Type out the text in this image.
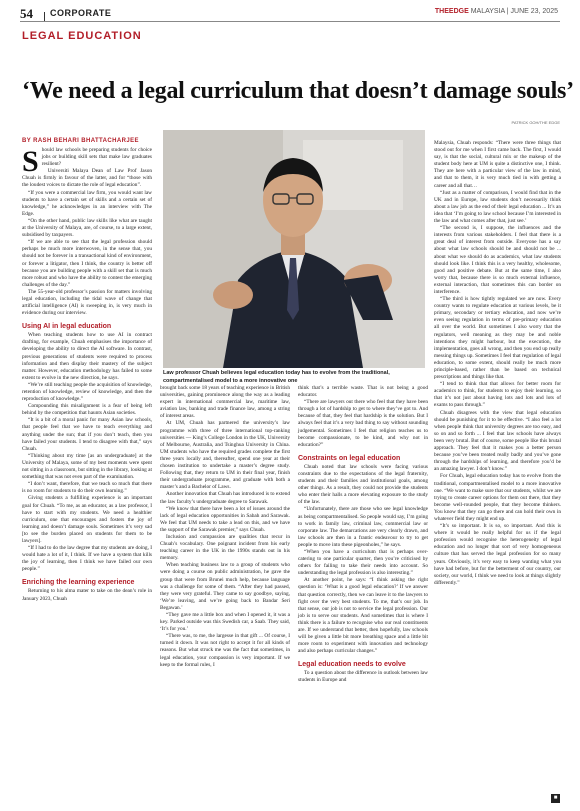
54 CORPORATE	THEEDGE MALAYSIA | JUNE 23, 2025
LEGAL EDUCATION
‘We need a legal curriculum that doesn’t damage souls’
PATRICK GOH/THE EDGE
BY RASH BEHARI BHATTACHARJEE
Law professor Chuah believes legal education today has to evolve from the traditional, compartmentalised model to a more innovative one

Should law schools be preparing students for choice jobs or building skill sets that make law graduates resilient?

Universiti Malaya Dean of Law Prof Jason Chuah is firmly in favour of the latter, and for “those with the loudest voices to dictate the role of legal education”.

“If you were a commercial law firm, you would want law students to have a certain set of skills and a certain set of knowledge,” he acknowledges in an interview with The Edge.

“On the other hand, public law skills like what are taught at the University of Malaya, are, of course, to a large extent, subsidised by taxpayers.

“If we are able to see that the legal profession should perhaps be much more interwoven, in the sense that, you should not be forever in a transactional kind of environment, or forever a litigator, then I think, the country is better off because you are building people with a skill set that is much more robust and who have the ability to contest the emerging challenges of the day.”

The 55-year-old professor’s passion for matters involving legal education, including the tidal wave of change that artificial intelligence (AI) is sweeping in, is very much in evidence during our interview.

Using AI in legal education

When teaching students how to use AI in contract drafting, for example, Chuah emphasises the importance of developing the ability to direct the AI software. In contrast, previous generations of students were required to process information and then display their mastery of the subject matter. However, education methodology has failed to some extent to evolve in the new direction, he says.

“We’re still teaching people the acquisition of knowledge, retention of knowledge, review of knowledge, and then the reproduction of knowledge.”

Compounding this misalignment is a fear of being left behind by the competition that haunts Asian societies.

“It is a bit of a moral panic for many Asian law schools, that people feel that we have to teach everything and anything under the sun; that if you don’t teach, then you have failed your students. I tend to disagree with that,” says Chuah.

“Thinking about my time [as an undergraduate] at the University of Malaya, some of my best moments were spent not sitting in a classroom, but sitting in the library, looking at something that was not even part of the examination.

“I don’t want, therefore, that we teach so much that there is no room for students to do their own learning.”

Giving students a fulfilling experience is an important goal for Chuah. “To me, as an educator, as a law professor, I have to start with my students. We need a healthier curriculum, one that encourages and fosters the joy of learning and doesn’t damage souls. Sometimes it’s very sad [to see the burden placed on students for them to be lawyers].

“If I had to do the law degree that my students are doing, I would hate a lot of it, I think. If we have a system that kills the joy of learning, then I think we have failed our own people.”

Enriching the learning experience

Returning to his alma mater to take on the dean’s role in January 2023, Chuah

brought back some 18 years of teaching experience in British universities, gaining prominence along the way as a leading expert in international commercial law, maritime law, aviation law, banking and trade finance law, among a string of interest areas.

At UM, Chuah has partnered the university’s law programme with three of three international top-ranking universities — King’s College London in the UK, University of Melbourne, Australia, and Tsinghua University in China. UM students who have the required grades complete the first three years locally and, thereafter, spend one year at their chosen institution to undertake a master’s degree study. Following that, they return to UM in their final year, finish their undergraduate programme, and graduate with both a master’s and a Bachelor of Laws.

Another innovation that Chuah has introduced is to extend the law faculty’s undergraduate degree to Sarawak.

“We know that there have been a lot of issues around the lack of legal education opportunities in Sabah and Sarawak. We feel that UM needs to take a lead on this, and we have the support of the Sarawak premier,” says Chuah.

Inclusion and compassion are qualities that recur in Chuah’s vocabulary. One poignant incident from his early teaching career in the UK in the 1990s stands out in his memory.

When teaching business law to a group of students who were doing a course on public administration, he gave the group that were from Brunei much help, because language was a challenge for some of them. “After they had passed, they were very grateful. They came to say goodbye, saying, ‘We’re leaving, and we’re going back to Bandar Seri Begawan.’

“They gave me a little box and when I opened it, it was a key. Parked outside was this Swedish car, a Saab. They said, ‘It’s for you.’

“There was, to me, the largesse in that gift ... Of course, I turned it down. It was not right to accept it for all kinds of reasons. But what struck me was the fact that sometimes, in legal education, your compassion is very important. If we keep to the formal rules, I

think that’s a terrible waste. That is not being a good educator.

“There are lawyers out there who feel that they have been through a lot of hardship to get to where they’ve got to. And because of that, they feel that hardship is the solution. But I always feel that it’s a very bad thing to say without sounding judgemental. Sometimes I feel that religion teaches us to become compassionate, to be kind, and why not in education?”

Constraints on legal education

Chuah noted that law schools were facing various constraints due to the expectations of the legal fraternity, students and their families and institutional goals, among other things. As a result, they could not provide the students who enter their halls a more elevating exposure to the study of the law.

“Unfortunately, there are those who see legal knowledge as being compartmentalised. So people would say, I’m going to work in family law, criminal law, commercial law or corporate law. The demarcations are very clearly drawn, and law schools are then in a frantic endeavour to try to get people to move into these pigeonholes,” he says.

“When you have a curriculum that is perhaps over-catering to one particular quarter, then you’re criticised by others for failing to take their needs into account. So understanding the legal profession is also interesting.”

At another point, he says: “I think asking the right question is: ‘What is a good legal education?’ If we answer that question correctly, then we can leave it to the lawyers to fight over the very best students. To me, that’s our job. In that sense, our job is not to service the legal profession. Our job is to serve our students. And sometimes that is where I think there is a failure to recognise who our real constituents are. If we understand that better, then hopefully, law schools will be given a little bit more breathing space and a little bit more room to experiment with innovation and technology and also perhaps curricular changes.”

Legal education needs to evolve

To a question about the difference in outlook between law students in Europe and

Malaysia, Chuah responds: “There were three things that stood out for me when I first came back. The first, I would say, is that the social, cultural mix or the makeup of the student body here at UM is quite a distinctive one, I think. They are here with a particular view of the law in mind, and that to them, it is very much tied in with getting a career and all that…

“Just as a matter of comparison, I would find that in the UK and in Europe, law students don’t necessarily think about a law job as the end of their legal education ... It’s an idea that ‘I’m going to law school because I’m interested in the law and what comes after that, just see.’

“The second is, I suppose, the influences and the interests from various stakeholders. I feel that there is a great deal of interest from outside. Everyone has a say about what law schools should be and should not be ... about what we should do as academics, what law students should look like. I think this is a very healthy, wholesome, good and positive debate. But at the same time, I also worry that, because there is so much external influence, external interaction, that sometimes this can border on interference.

“The third is how tightly regulated we are now. Every country wants to regulate education at various levels, be it primary, secondary or tertiary education, and now we’re even seeing regulation in terms of pre-primary education all over the world. But sometimes I also worry that the regulators, well meaning as they may be and noble intentions they might harbour, but the execution, the implementation, goes all wrong, and then you end up really messing things up. Sometimes I feel that regulation of legal education, to some extent, should really be much more principle-based, rather than be based on technical prescriptions and things like that.

“I tend to think that that allows for better room for academics to think, for students to enjoy their learning, so that it’s not just about having lots and lots and lots of exams to pass through.”

Chuah disagrees with the view that legal education should be punishing for it to be effective. “I also feel a lot when people think that university degrees are too easy, and so on and so forth ... I feel that law schools have always been very brutal. But of course, some people like this brutal approach. They feel that it makes you a better person because you’ve been treated really badly and you’ve gone through the hardships of learning, and therefore you’d be an amazing lawyer. I don’t know.”

For Chuah, legal education today has to evolve from the traditional, compartmentalised model to a more innovative one. “We want to make sure that our students, whilst we are trying to create career options for them out there, that they become well-rounded people, that they become thinkers. You know that they can go there and can hold their own in whatever field they might end up.

“It’s so important. It is so, so important. And this is where it would be really helpful for us if the legal profession would recognise the heterogeneity of legal education and no longer that sort of very homogeneous culture that has served the legal profession for so many years. Obviously, it’s very easy to keep wanting what you have had before, but for the betterment of our country, our society, our world, I think we need to look at things slightly differently.”

■
